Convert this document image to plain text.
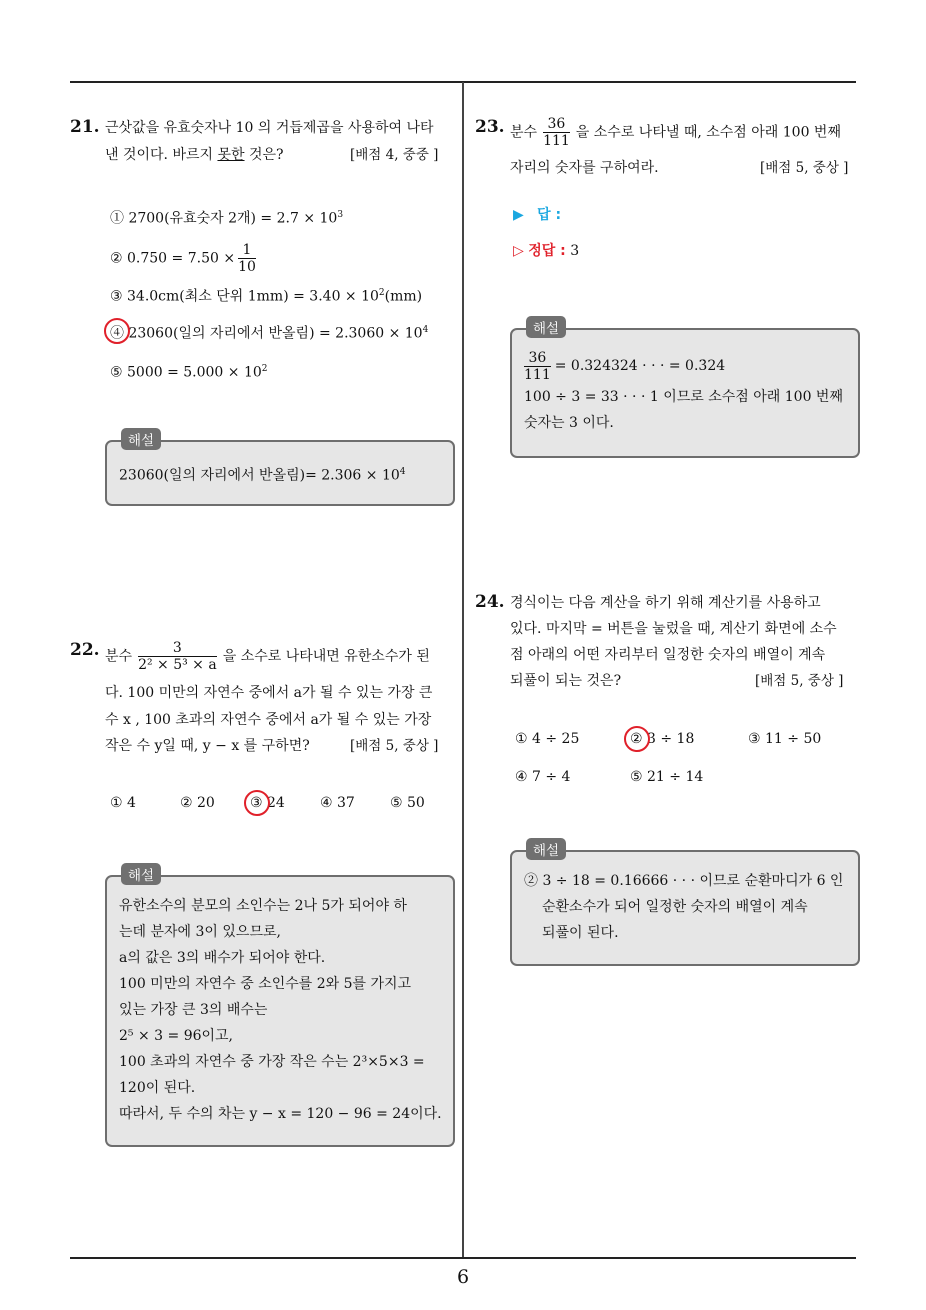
6
21. 근삿값을 유효숫자나 10 의 거듭제곱을 사용하여 나타
낸 것이다. 바르지 못한 것은?	[배점 4, 중중 ]
① 2700(유효숫자 2개) = $2.7 \times 10^3$
② $0.750 = 7.50 \times \frac{1}{10}$
③ 34.0cm(최소 단위 $1mm) = 3.40 \times 10^2(mm)$
④ 23060(일의 자리에서 반올림) = $2.3060 \times 10^4$
⑤ $5000 = 5.000 \times 10^2$
23060(일의 자리에서 반올림)= $2.306 \times 10^4$
해설
22. 분수 $\frac{3}{\text{2² × 5³ × a}}$ 을 소수로 나타내면 유한소수가 된
다. 100 미만의 자연수 중에서 a가 될 수 있는 가장 큰
수 x , 100 초과의 자연수 중에서 a가 될 수 있는 가장
작은 수 y일 때, y − x 를 구하면?	[배점 5, 중상 ]
① 4	② 20	③ 24	④ 37	⑤ 50
유한소수의 분모의 소인수는 2나 5가 되어야 하
는데 분자에 3이 있으므로,
a의 값은 3의 배수가 되어야 한다.
100 미만의 자연수 중 소인수를 2와 5를 가지고
있는 가장 큰 3의 배수는
2⁵ × 3 = 96이고,
100 초과의 자연수 중 가장 작은 수는 2³×5×3 =
120이 된다.
따라서, 두 수의 차는 y − x = 120 − 96 = 24이다.
해설
23. 분수 $\frac{36}{111}$ 을 소수로 나타낼 때, 소수점 아래 100 번째
자리의 숫자를 구하여라.	[배점 5, 중상 ]
▶ 답 :
▷ 정답 : 3
$\frac{36}{111} = 0.324324$ · · · = 0.3̇24̇
100 ÷ 3 = 33 · · · 1 이므로 소수점 아래 100 번째
숫자는 3 이다.
해설
24. 경식이는 다음 계산을 하기 위해 계산기를 사용하고
있다. 마지막 = 버튼을 눌렀을 때, 계산기 화면에 소수
점 아래의 어떤 자리부터 일정한 숫자의 배열이 계속
되풀이 되는 것은?	[배점 5, 중상 ]
① 4 ÷ 25	② 3 ÷ 18	③ 11 ÷ 50
④ 7 ÷ 4	⑤ 21 ÷ 14
② 3 ÷ 18 = 0.16666 · · · 이므로 순환마디가 6 인
순환소수가 되어 일정한 숫자의 배열이 계속
되풀이 된다.
해설
